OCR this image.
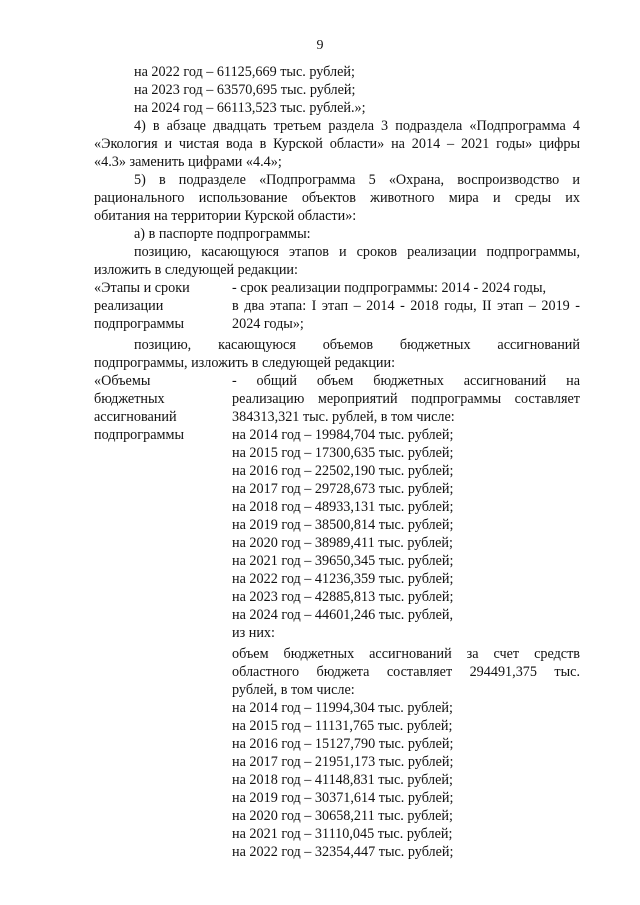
9
на 2022 год – 61125,669 тыс. рублей;
на 2023 год – 63570,695 тыс. рублей;
на 2024 год – 66113,523 тыс. рублей.»;
4) в абзаце двадцать третьем раздела 3 подраздела «Подпрограмма 4
«Экология и чистая вода в Курской области» на 2014 – 2021 годы» цифры
«4.3» заменить цифрами «4.4»;
5) в подразделе «Подпрограмма 5 «Охрана, воспроизводство и
рационального использование объектов животного мира и среды их
обитания на территории Курской области»:
а) в паспорте подпрограммы:
позицию, касающуюся этапов и сроков реализации подпрограммы,
изложить в следующей редакции:
«Этапы и сроки
реализации
подпрограммы
- срок реализации подпрограммы: 2014 - 2024 годы,
в два этапа: I этап – 2014 - 2018 годы, II этап – 2019 -
2024 годы»;
позицию, касающуюся объемов бюджетных ассигнований
подпрограммы, изложить в следующей редакции:
«Объемы
бюджетных
ассигнований
подпрограммы
- общий объем бюджетных ассигнований на
реализацию мероприятий подпрограммы составляет
384313,321 тыс. рублей, в том числе:
на 2014 год – 19984,704 тыс. рублей;
на 2015 год – 17300,635 тыс. рублей;
на 2016 год – 22502,190 тыс. рублей;
на 2017 год – 29728,673 тыс. рублей;
на 2018 год – 48933,131 тыс. рублей;
на 2019 год – 38500,814 тыс. рублей;
на 2020 год – 38989,411 тыс. рублей;
на 2021 год – 39650,345 тыс. рублей;
на 2022 год – 41236,359 тыс. рублей;
на 2023 год – 42885,813 тыс. рублей;
на 2024 год – 44601,246 тыс. рублей,
из них:
объем бюджетных ассигнований за счет средств
областного бюджета составляет 294491,375 тыс.
рублей, в том числе:
на 2014 год – 11994,304 тыс. рублей;
на 2015 год – 11131,765 тыс. рублей;
на 2016 год – 15127,790 тыс. рублей;
на 2017 год – 21951,173 тыс. рублей;
на 2018 год – 41148,831 тыс. рублей;
на 2019 год – 30371,614 тыс. рублей;
на 2020 год – 30658,211 тыс. рублей;
на 2021 год – 31110,045 тыс. рублей;
на 2022 год – 32354,447 тыс. рублей;
